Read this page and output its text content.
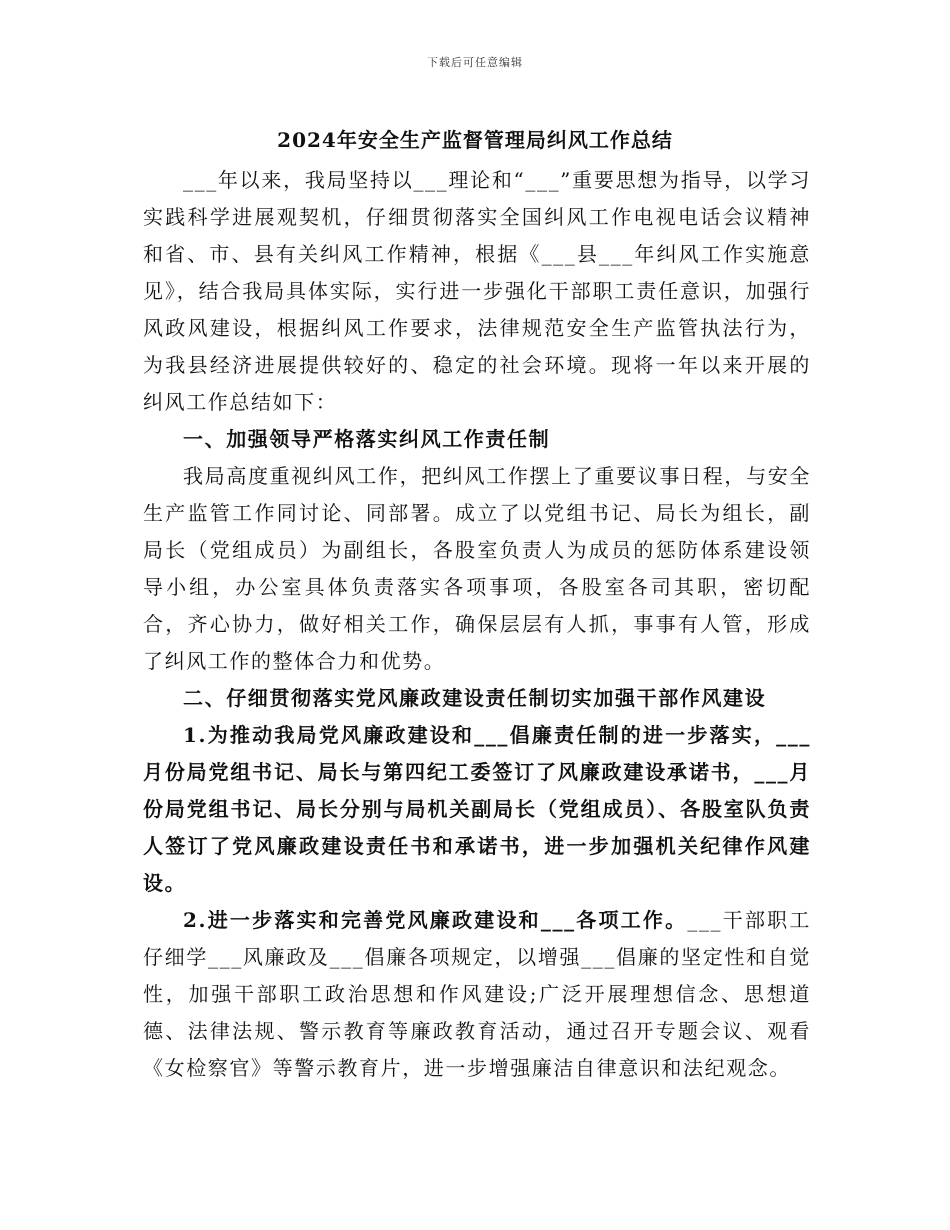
下载后可任意编辑
2024年安全生产监督管理局纠风工作总结

___年以来，我局坚持以___理论和“___”重要思想为指导，以学习实践科学进展观契机，仔细贯彻落实全国纠风工作电视电话会议精神和省、市、县有关纠风工作精神，根据《___县___年纠风工作实施意见》，结合我局具体实际，实行进一步强化干部职工责任意识，加强行风政风建设，根据纠风工作要求，法律规范安全生产监管执法行为，为我县经济进展提供较好的、稳定的社会环境。现将一年以来开展的纠风工作总结如下：

一、加强领导严格落实纠风工作责任制

我局高度重视纠风工作，把纠风工作摆上了重要议事日程，与安全生产监管工作同讨论、同部署。成立了以党组书记、局长为组长，副局长（党组成员）为副组长，各股室负责人为成员的惩防体系建设领导小组，办公室具体负责落实各项事项，各股室各司其职，密切配合，齐心协力，做好相关工作，确保层层有人抓，事事有人管，形成了纠风工作的整体合力和优势。

二、仔细贯彻落实党风廉政建设责任制切实加强干部作风建设

1.为推动我局党风廉政建设和___倡廉责任制的进一步落实，___月份局党组书记、局长与第四纪工委签订了风廉政建设承诺书，___月份局党组书记、局长分别与局机关副局长（党组成员）、各股室队负责人签订了党风廉政建设责任书和承诺书，进一步加强机关纪律作风建设。

2.进一步落实和完善党风廉政建设和___各项工作。___干部职工仔细学___风廉政及___倡廉各项规定，以增强___倡廉的坚定性和自觉性，加强干部职工政治思想和作风建设;广泛开展理想信念、思想道德、法律法规、警示教育等廉政教育活动，通过召开专题会议、观看《女检察官》等警示教育片，进一步增强廉洁自律意识和法纪观念。
